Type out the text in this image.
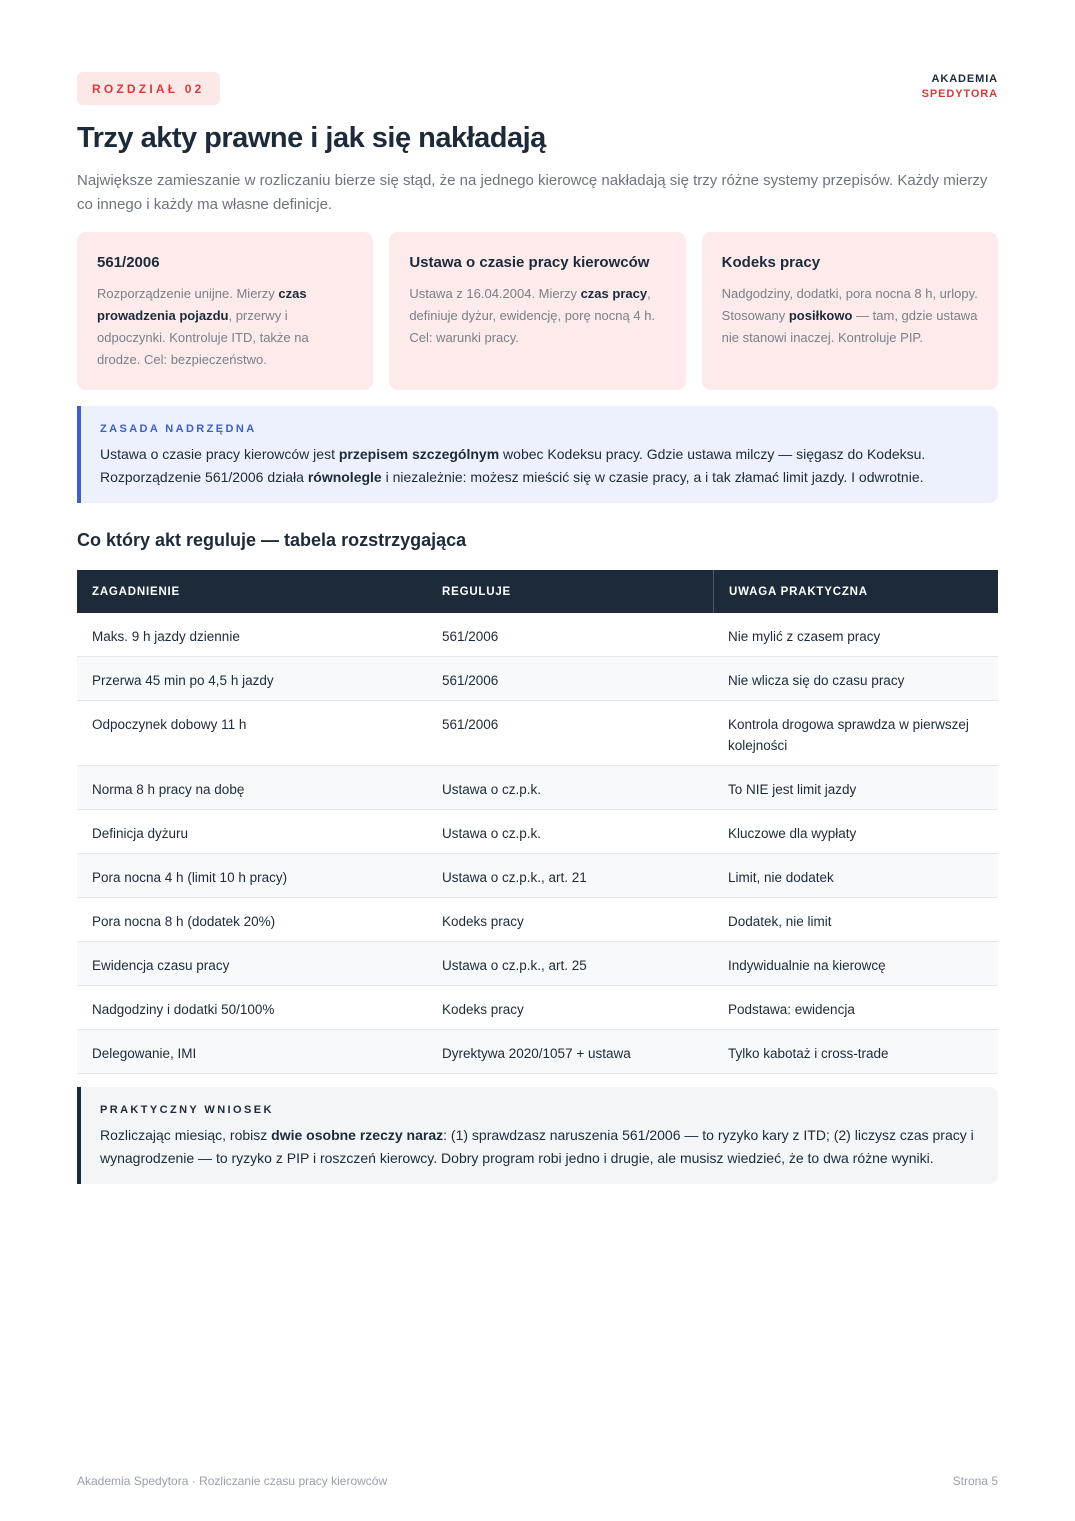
ROZDZIAŁ 02
AKADEMIA
SPEDYTORA
Trzy akty prawne i jak się nakładają

Największe zamieszanie w rozliczaniu bierze się stąd, że na jednego kierowcę nakładają się trzy różne systemy przepisów. Każdy mierzy co innego i każdy ma własne definicje.

561/2006

Rozporządzenie unijne. Mierzy czas prowadzenia pojazdu, przerwy i odpoczynki. Kontroluje ITD, także na drodze. Cel: bezpieczeństwo.

Ustawa o czasie pracy kierowców

Ustawa z 16.04.2004. Mierzy czas pracy, definiuje dyżur, ewidencję, porę nocną 4 h. Cel: warunki pracy.

Kodeks pracy

Nadgodziny, dodatki, pora nocna 8 h, urlopy. Stosowany posiłkowo — tam, gdzie ustawa nie stanowi inaczej. Kontroluje PIP.

ZASADA NADRZĘDNA

Ustawa o czasie pracy kierowców jest przepisem szczególnym wobec Kodeksu pracy. Gdzie ustawa milczy — sięgasz do Kodeksu. Rozporządzenie 561/2006 działa równolegle i niezależnie: możesz mieścić się w czasie pracy, a i tak złamać limit jazdy. I odwrotnie.

Co który akt reguluje — tabela rozstrzygająca
ZAGADNIENIE	REGULUJE	UWAGA PRAKTYCZNA
Maks. 9 h jazdy dziennie	561/2006	Nie mylić z czasem pracy
Przerwa 45 min po 4,5 h jazdy	561/2006	Nie wlicza się do czasu pracy
Odpoczynek dobowy 11 h	561/2006	Kontrola drogowa sprawdza w pierwszej kolejności
Norma 8 h pracy na dobę	Ustawa o cz.p.k.	To NIE jest limit jazdy
Definicja dyżuru	Ustawa o cz.p.k.	Kluczowe dla wypłaty
Pora nocna 4 h (limit 10 h pracy)	Ustawa o cz.p.k., art. 21	Limit, nie dodatek
Pora nocna 8 h (dodatek 20%)	Kodeks pracy	Dodatek, nie limit
Ewidencja czasu pracy	Ustawa o cz.p.k., art. 25	Indywidualnie na kierowcę
Nadgodziny i dodatki 50/100%	Kodeks pracy	Podstawa: ewidencja
Delegowanie, IMI	Dyrektywa 2020/1057 + ustawa	Tylko kabotaż i cross-trade
PRAKTYCZNY WNIOSEK

Rozliczając miesiąc, robisz dwie osobne rzeczy naraz: (1) sprawdzasz naruszenia 561/2006 — to ryzyko kary z ITD; (2) liczysz czas pracy i wynagrodzenie — to ryzyko z PIP i roszczeń kierowcy. Dobry program robi jedno i drugie, ale musisz wiedzieć, że to dwa różne wyniki.

Akademia Spedytora · Rozliczanie czasu pracy kierowców	Strona 5
